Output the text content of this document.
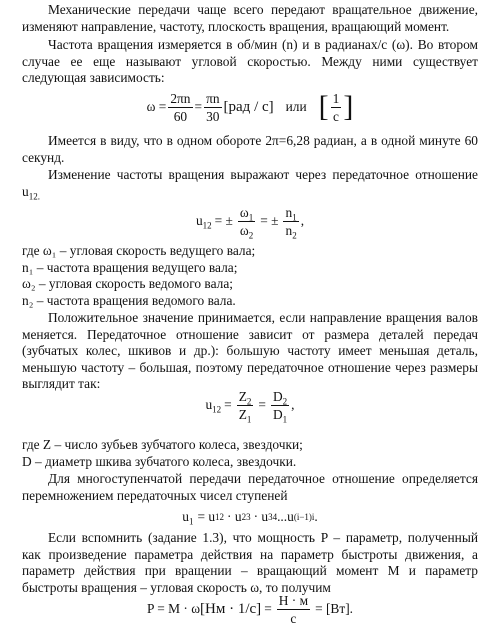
Механические передачи чаще всего передают вращательное движение, изменяют направление, частоту, плоскость вращения, вращающий момент.

Частота вращения измеряется в об/мин (n) и в радианах/с (ω). Во втором случае ее еще называют угловой скоростью. Между ними существует следующая зависимость:

$\omega = \frac{2\pi n}{60} = \frac{\pi n}{30} [рад / с]$ или [ $\frac{1}{с}$ ]

Имеется в виду, что в одном обороте 2π=6,28 радиан, а в одной минуте 60 секунд.

Изменение частоты вращения выражают через передаточное отношение $u_{12.}$

$u_{12}$ = ± $\frac{\omega_1}{\omega_2}$ = ± $\frac{n_1}{n_2}$ ,
где ω₁ – угловая скорость ведущего вала;
n₁ – частота вращения ведущего вала;
ω₂ – угловая скорость ведомого вала;
n₂ – частота вращения ведомого вала.

Положительное значение принимается, если направление вращения валов меняется. Передаточное отношение зависит от размера деталей передач (зубчатых колес, шкивов и др.): большую частоту имеет меньшая деталь, меньшую частоту – большая, поэтому передаточное отношение через размеры выглядит так:

$u_{12} = \frac{Z_2}{Z_1} = \frac{D_2}{D_1}$ ,
где Z – число зубьев зубчатого колеса, звездочки;
D – диаметр шкива зубчатого колеса, звездочки.

Для многоступенчатой передачи передаточное отношение определяется перемножением передаточных чисел ступеней

$u_1 = u$ 12 · u 23 · u 34 ...u (i−1)i .

Если вспомнить (задание 1.3), что мощность P – параметр, полученный как произведение параметра действия на параметр быстроты движения, а параметр действия при вращении – вращающий момент M и параметр быстроты вращения – угловая скорость ω, то получим

P = M · ω $[Нм \cdot 1/с] = \frac{Н \cdot м}{с} = [Вт]$.
